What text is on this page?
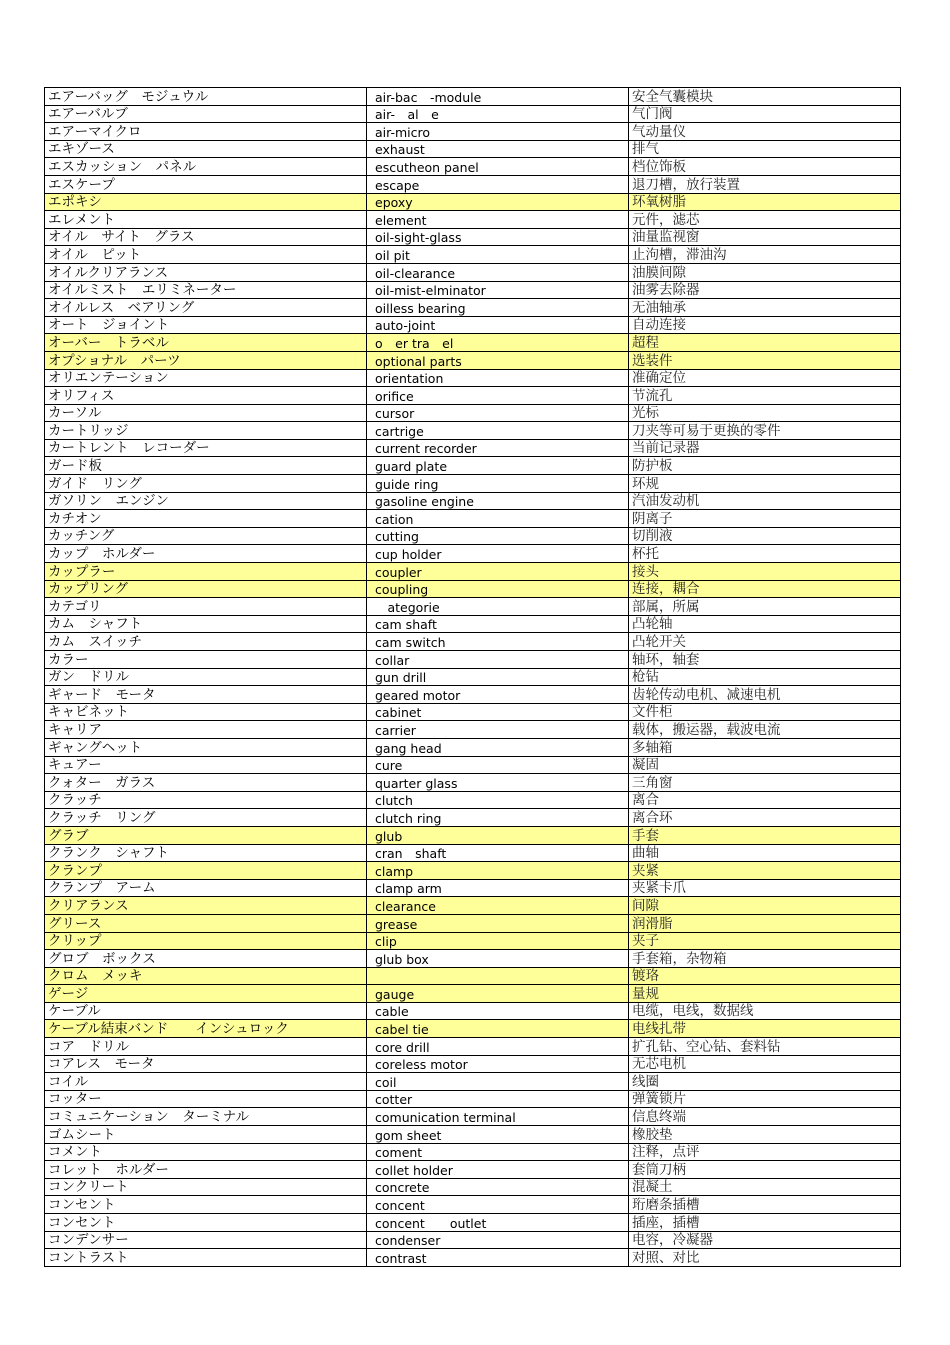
エアーバッグ　モジュウル	air-bac　-module	安全气囊模块
エアーバルブ	air-　al　e	气门阀
エアーマイクロ	air-micro	气动量仪
エキゾース	exhaust	排气
エスカッション　パネル	escutheon panel	档位饰板
エスケープ	escape	退刀槽，放行装置
エポキシ	epoxy	环氧树脂
エレメント	element	元件，滤芯
オイル　サイト　グラス	oil-sight-glass	油量监视窗
オイル　ピット	oil pit	止泃槽，滞油沟
オイルクリアランス	oil-clearance	油膜间隙
オイルミスト　エリミネーター	oil-mist-elminator	油雾去除器
オイルレス　ベアリング	oilless bearing	无油轴承
オート　ジョイント	auto-joint	自动连接
オーバー　トラベル	o　er tra　el	超程
オプショナル　パーツ	optional parts	选装件
オリエンテーション	orientation	准确定位
オリフィス	orifice	节流孔
カーソル	cursor	光标
カートリッジ	cartrige	刀夹等可易于更换的零件
カートレント　レコーダー	current recorder	当前记录器
ガード板	guard plate	防护板
ガイド　リング	guide ring	环规
ガソリン　エンジン	gasoline engine	汽油发动机
カチオン	cation	阴离子
カッチング	cutting	切削液
カップ　ホルダー	cup holder	杯托
カップラー	coupler	接头
カップリング	coupling	连接，耦合
カテゴリ	　ategorie	部属，所属
カム　シャフト	cam shaft	凸轮轴
カム　スイッチ	cam switch	凸轮开关
カラー	collar	轴环，轴套
ガン　ドリル	gun drill	枪钻
ギャード　モータ	geared motor	齿轮传动电机、减速电机
キャビネット	cabinet	文件柜
キャリア	carrier	载体，搬运器，载波电流
ギャングヘット	gang head	多轴箱
キュアー	cure	凝固
クォター　ガラス	quarter glass	三角窗
クラッチ	clutch	离合
クラッチ　リング	clutch ring	离合环
グラブ	glub	手套
クランク　シャフト	cran　shaft	曲轴
クランプ	clamp	夹紧
クランプ　アーム	clamp arm	夹紧卡爪
クリアランス	clearance	间隙
グリース	grease	润滑脂
クリップ	clip	夹子
グロブ　ボックス	glub box	手套箱，杂物箱
クロム　メッキ		镀珞
ゲージ	gauge	量规
ケーブル	cable	电缆，电线，数据线
ケーブル結束バンド　　インシュロック	cabel tie	电线扎带
コア　ドリル	core drill	扩孔钻、空心钻、套料钻
コアレス　モータ	coreless motor	无芯电机
コイル	coil	线圈
コッター	cotter	弹簧锁片
コミュニケーション　ターミナル	comunication terminal	信息终端
ゴムシート	gom sheet	橡胶垫
コメント	coment	注释，点评
コレット　ホルダー	collet holder	套筒刀柄
コンクリート	concrete	混凝土
コンセント	concent	珩磨条插槽
コンセント	concent　　outlet	插座，插槽
コンデンサー	condenser	电容，冷凝器
コントラスト	contrast	对照、对比
